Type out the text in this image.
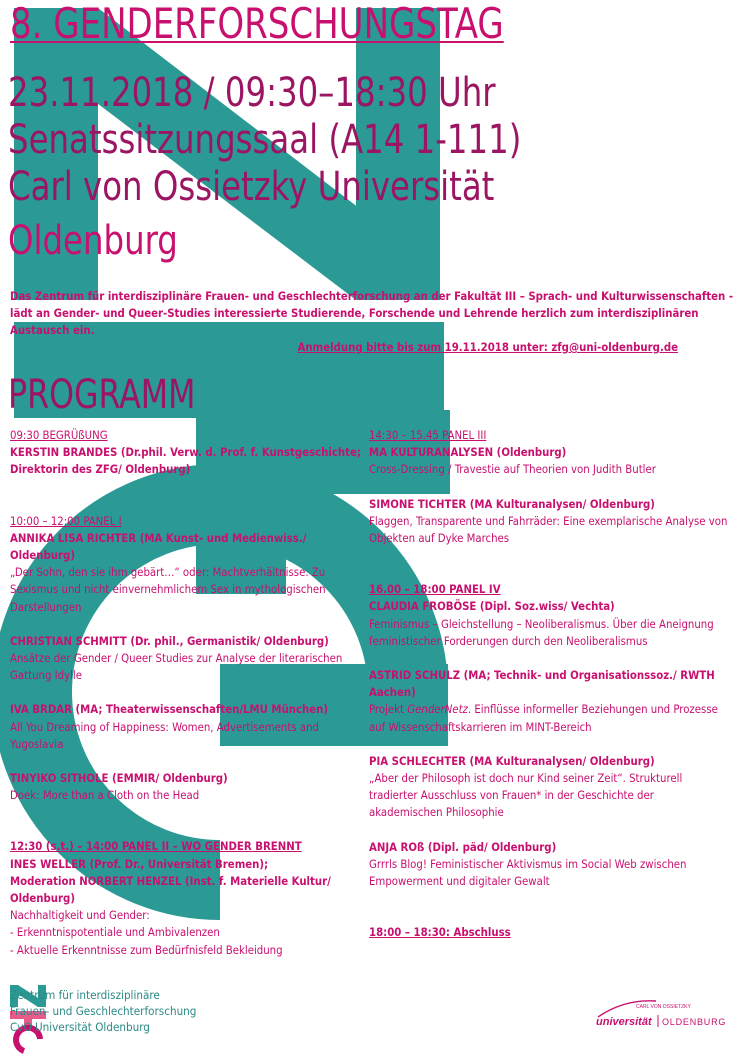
8. GENDERFORSCHUNGSTAG
23.11.2018 / 09:30–18:30 Uhr
Senatssitzungssaal (A14 1-111)
Carl von Ossietzky Universität
Oldenburg
Das Zentrum für interdisziplinäre Frauen- und Geschlechterforschung an der Fakultät III – Sprach- und Kulturwissenschaften - lädt an Gender- und Queer-Studies interessierte Studierende, Forschende und Lehrende herzlich zum interdisziplinären Austausch ein.
Anmeldung bitte bis zum 19.11.2018 unter: zfg@uni-oldenburg.de
PROGRAMM
09:30 BEGRÜßUNG
KERSTIN BRANDES (Dr.phil. Verw. d. Prof. f. Kunstgeschichte;
Direktorin des ZFG/ Oldenburg)
10:00 – 12:00 PANEL I
ANNIKA LISA RICHTER (MA Kunst- und Medienwiss./ Oldenburg)
„Der Sohn, den sie ihm gebärt…“ oder: Machtverhältnisse. Zu
Sexismus und nicht einvernehmlichem Sex in mythologischen
Darstellungen
CHRISTIAN SCHMITT (Dr. phil., Germanistik/ Oldenburg)
Ansätze der Gender / Queer Studies zur Analyse der literarischen
Gattung Idylle
IVA BRDAR (MA; Theaterwissenschaften/LMU München)
All You Dreaming of Happiness: Women, Advertisements and
Yugoslavia
TINYIKO SITHOLE (EMMIR/ Oldenburg)
Doek: More than a Cloth on the Head
12:30 (s.t.) – 14:00 PANEL II – WO GENDER BRENNT
INES WELLER (Prof. Dr., Universität Bremen);
Moderation NORBERT HENZEL (Inst. f. Materielle Kultur/
Oldenburg)
Nachhaltigkeit und Gender:
- Erkenntnispotentiale und Ambivalenzen
- Aktuelle Erkenntnisse zum Bedürfnisfeld Bekleidung
14:30 – 15.45 PANEL III
MA KULTURANALYSEN (Oldenburg)
Cross-Dressing / Travestie auf Theorien von Judith Butler
SIMONE TICHTER (MA Kulturanalysen/ Oldenburg)
Flaggen, Transparente und Fahrräder: Eine exemplarische Analyse von
Objekten auf Dyke Marches
16.00 – 18:00 PANEL IV
CLAUDIA FROBÖSE (Dipl. Soz.wiss/ Vechta)
Feminismus – Gleichstellung – Neoliberalismus. Über die Aneignung
feministischer Forderungen durch den Neoliberalismus
ASTRID SCHULZ (MA; Technik- und Organisationssoz./ RWTH
Aachen)
Projekt GenderNetz. Einflüsse informeller Beziehungen und Prozesse
auf Wissenschaftskarrieren im MINT-Bereich
PIA SCHLECHTER (MA Kulturanalysen/ Oldenburg)
„Aber der Philosoph ist doch nur Kind seiner Zeit“. Strukturell
tradierter Ausschluss von Frauen* in der Geschichte der
akademischen Philosophie
ANJA ROß (Dipl. päd/ Oldenburg)
Grrrls Blog! Feministischer Aktivismus im Social Web zwischen
Empowerment und digitaler Gewalt
18:00 – 18:30: Abschluss
Zentrum für interdisziplinäre
Frauen- und Geschlechterforschung
CvO Universität Oldenburg
CARL VON OSSIETZKY
universität OLDENBURG
